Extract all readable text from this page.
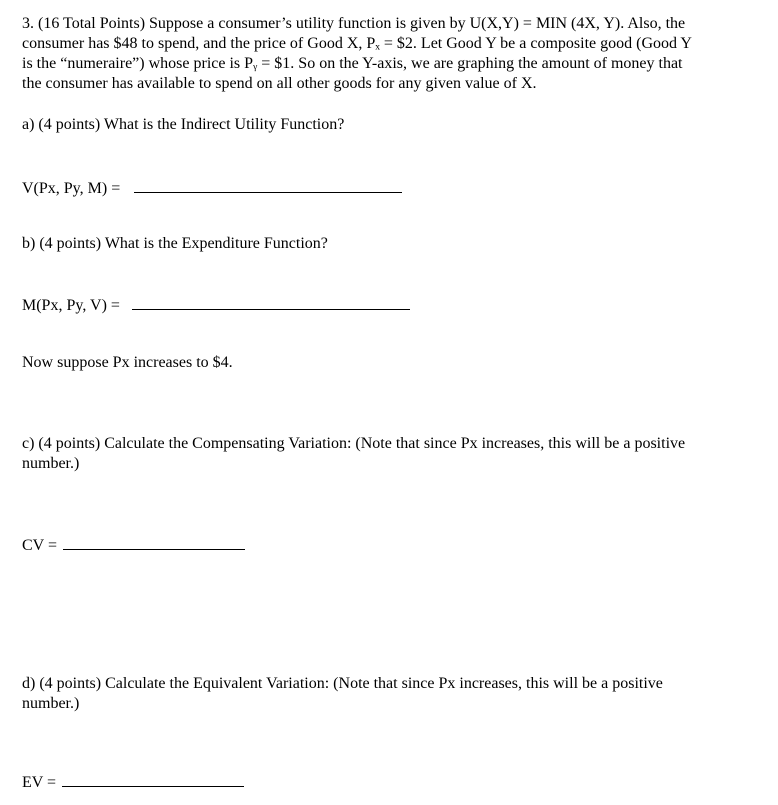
3. (16 Total Points) Suppose a consumer’s utility function is given by U(X,Y) = MIN (4X, Y). Also, the
consumer has $48 to spend, and the price of Good X, Pₓ = $2. Let Good Y be a composite good (Good Y
is the “numeraire”) whose price is Pᵧ = $1. So on the Y-axis, we are graphing the amount of money that
the consumer has available to spend on all other goods for any given value of X.
a) (4 points) What is the Indirect Utility Function?
V(Px, Py, M) =
b) (4 points) What is the Expenditure Function?
M(Px, Py, V) =
Now suppose Px increases to $4.
c) (4 points) Calculate the Compensating Variation: (Note that since Px increases, this will be a positive
number.)
CV =
d) (4 points) Calculate the Equivalent Variation: (Note that since Px increases, this will be a positive
number.)
EV =
